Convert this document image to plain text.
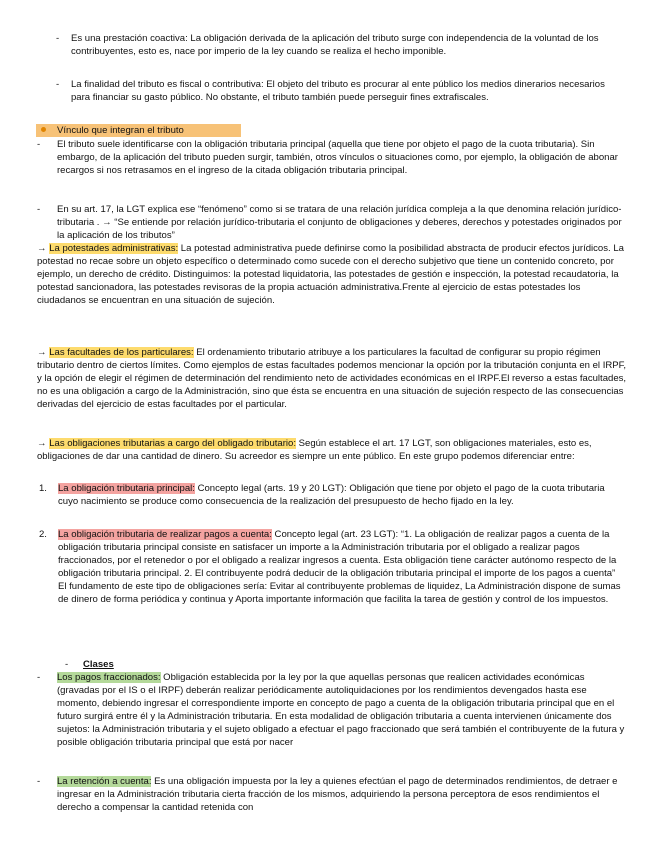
-	Es una prestación coactiva: La obligación derivada de la aplicación del tributo surge con independencia de la voluntad de los contribuyentes, esto es, nace por imperio de la ley cuando se realiza el hecho imponible.
-	La finalidad del tributo es fiscal o contributiva: El objeto del tributo es procurar al ente público los medios dinerarios necesarios para financiar su gasto público. No obstante, el tributo también puede perseguir fines extrafiscales.
Vínculo que integran el tributo
-	El tributo suele identificarse con la obligación tributaria principal (aquella que tiene por objeto el pago de la cuota tributaria). Sin embargo, de la aplicación del tributo pueden surgir, también, otros vínculos o situaciones como, por ejemplo, la obligación de abonar recargos si nos retrasamos en el ingreso de la citada obligación tributaria principal.
-	En su art. 17, la LGT explica ese “fenómeno” como si se tratara de una relación jurídica compleja a la que denomina relación jurídico-tributaria . → “Se entiende por relación jurídico-tributaria el conjunto de obligaciones y deberes, derechos y potestades originados por la aplicación de los tributos”
→ La potestades administrativas: La potestad administrativa puede definirse como la posibilidad abstracta de producir efectos jurídicos. La potestad no recae sobre un objeto específico o determinado como sucede con el derecho subjetivo que tiene un contenido concreto, por ejemplo, un derecho de crédito. Distinguimos: la potestad liquidatoria, las potestades de gestión e inspección, la potestad recaudatoria, la potestad sancionadora, las potestades revisoras de la propia actuación administrativa.Frente al ejercicio de estas potestades los ciudadanos se encuentran en una situación de sujeción.
→ Las facultades de los particulares: El ordenamiento tributario atribuye a los particulares la facultad de configurar su propio régimen tributario dentro de ciertos límites. Como ejemplos de estas facultades podemos mencionar la opción por la tributación conjunta en el IRPF, y la opción de elegir el régimen de determinación del rendimiento neto de actividades económicas en el IRPF.El reverso a estas facultades, no es una obligación a cargo de la Administración, sino que ésta se encuentra en una situación de sujeción respecto de las consecuencias derivadas del ejercicio de estas facultades por el particular.
→ Las obligaciones tributarias a cargo del obligado tributario: Según establece el art. 17 LGT, son obligaciones materiales, esto es, obligaciones de dar una cantidad de dinero. Su acreedor es siempre un ente público. En este grupo podemos diferenciar entre:
1.	La obligación tributaria principal: Concepto legal (arts. 19 y 20 LGT): Obligación que tiene por objeto el pago de la cuota tributaria cuyo nacimiento se produce como consecuencia de la realización del presupuesto de hecho fijado en la ley.
2.	La obligación tributaria de realizar pagos a cuenta: Concepto legal (art. 23 LGT): “1. La obligación de realizar pagos a cuenta de la obligación tributaria principal consiste en satisfacer un importe a la Administración tributaria por el obligado a realizar pagos fraccionados, por el retenedor o por el obligado a realizar ingresos a cuenta. Esta obligación tiene carácter autónomo respecto de la obligación tributaria principal. 2. El contribuyente podrá deducir de la obligación tributaria principal el importe de los pagos a cuenta” El fundamento de este tipo de obligaciones sería: Evitar al contribuyente problemas de liquidez, La Administración dispone de sumas de dinero de forma periódica y continua y Aporta importante información que facilita la tarea de gestión y control de los impuestos.
-	Clases
-	Los pagos fraccionados: Obligación establecida por la ley por la que aquellas personas que realicen actividades económicas (gravadas por el IS o el IRPF) deberán realizar periódicamente autoliquidaciones por los rendimientos devengados hasta ese momento, debiendo ingresar el correspondiente importe en concepto de pago a cuenta de la obligación tributaria principal que en el futuro surgirá entre él y la Administración tributaria. En esta modalidad de obligación tributaria a cuenta intervienen únicamente dos sujetos: la Administración tributaria y el sujeto obligado a efectuar el pago fraccionado que será también el contribuyente de la futura y posible obligación tributaria principal que está por nacer
-	La retención a cuenta: Es una obligación impuesta por la ley a quienes efectúan el pago de determinados rendimientos, de detraer e ingresar en la Administración tributaria cierta fracción de los mismos, adquiriendo la persona perceptora de esos rendimientos el derecho a compensar la cantidad retenida con
